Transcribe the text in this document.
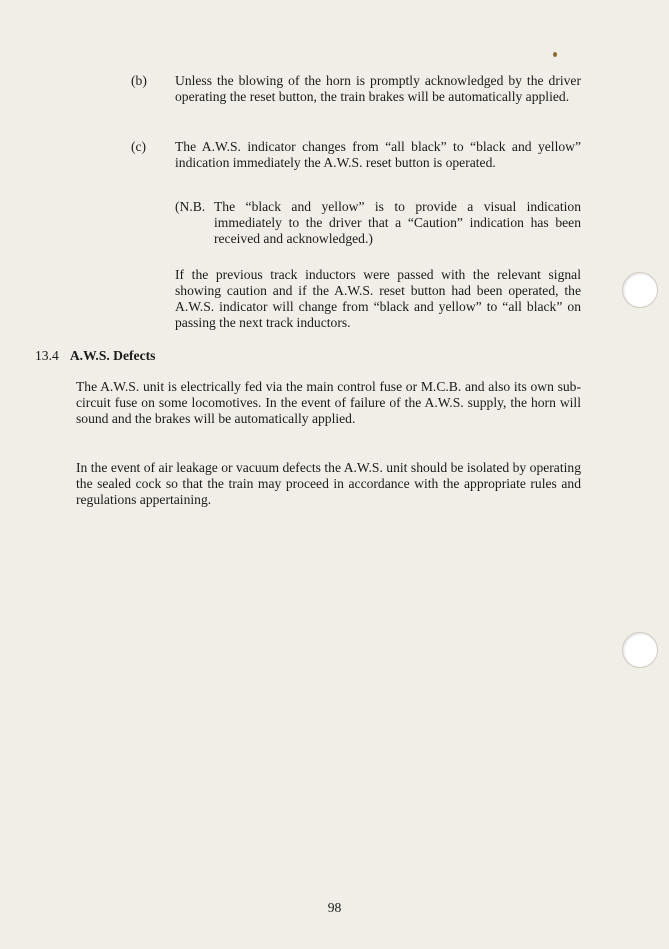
(b) Unless the blowing of the horn is promptly acknowledged by the driver operating the reset button, the train brakes will be automatically applied.

(c) The A.W.S. indicator changes from “all black” to “black and yellow” indication immediately the A.W.S. reset button is operated.

(N.B. The “black and yellow” is to provide a visual indication immediately to the driver that a “Caution” indication has been received and acknowledged.)

If the previous track inductors were passed with the relevant signal showing caution and if the A.W.S. reset button had been operated, the A.W.S. indicator will change from “black and yellow” to “all black” on passing the next track inductors.

13.4 A.W.S. Defects

The A.W.S. unit is electrically fed via the main control fuse or M.C.B. and also its own sub-circuit fuse on some locomotives. In the event of failure of the A.W.S. supply, the horn will sound and the brakes will be automatically applied.

In the event of air leakage or vacuum defects the A.W.S. unit should be isolated by operating the sealed cock so that the train may proceed in accordance with the appropriate rules and regulations appertaining.

98
